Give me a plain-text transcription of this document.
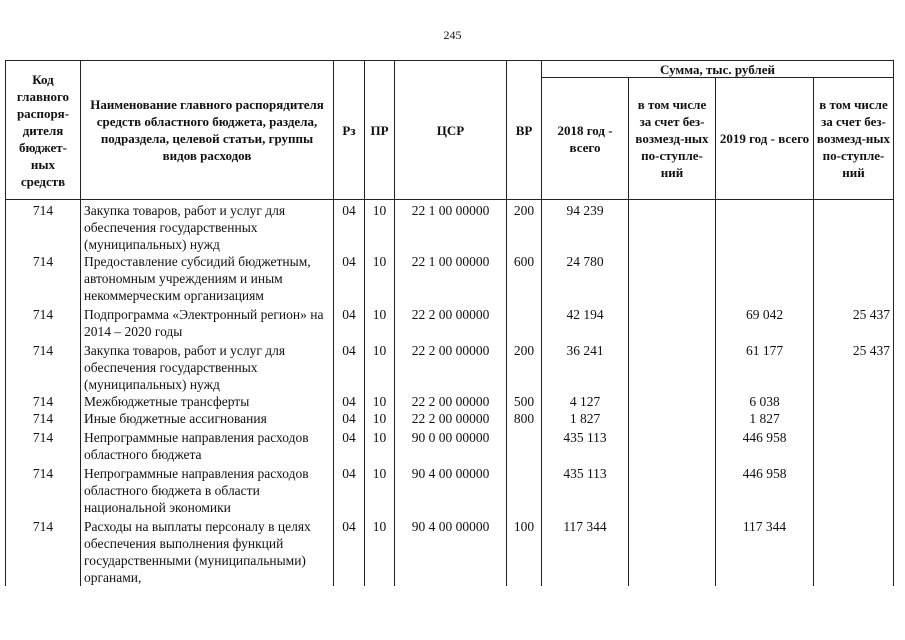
245
Код главного распоря-дителя бюджет-ных средств	Наименование главного распорядителя средств областного бюджета, раздела, подраздела, целевой статьи, группы видов расходов	Рз	ПР	ЦСР	ВР	Сумма, тыс. рублей			
						2018 год - всего	в том числе за счет без-возмезд-ных по-ступле-ний	2019 год - всего	в том числе за счет без-возмезд-ных по-ступле-ний
714	Закупка товаров, работ и услуг для обеспечения государственных (муниципальных) нужд	04	10	22 1 00 00000	200	94 239			
714	Предоставление субсидий бюджетным, автономным учреждениям и иным некоммерческим организациям	04	10	22 1 00 00000	600	24 780			
714	Подпрограмма «Электронный регион» на 2014 – 2020 годы	04	10	22 2 00 00000		42 194		69 042	25 437
714	Закупка товаров, работ и услуг для обеспечения государственных (муниципальных) нужд	04	10	22 2 00 00000	200	36 241		61 177	25 437
714	Межбюджетные трансферты	04	10	22 2 00 00000	500	4 127		6 038	
714	Иные бюджетные ассигнования	04	10	22 2 00 00000	800	1 827		1 827	
714	Непрограммные направления расходов областного бюджета	04	10	90 0 00 00000		435 113		446 958	
714	Непрограммные направления расходов областного бюджета в области национальной экономики	04	10	90 4 00 00000		435 113		446 958	
714	Расходы на выплаты персоналу в целях обеспечения выполнения функций государственными (муниципальными) органами,	04	10	90 4 00 00000	100	117 344		117 344	
